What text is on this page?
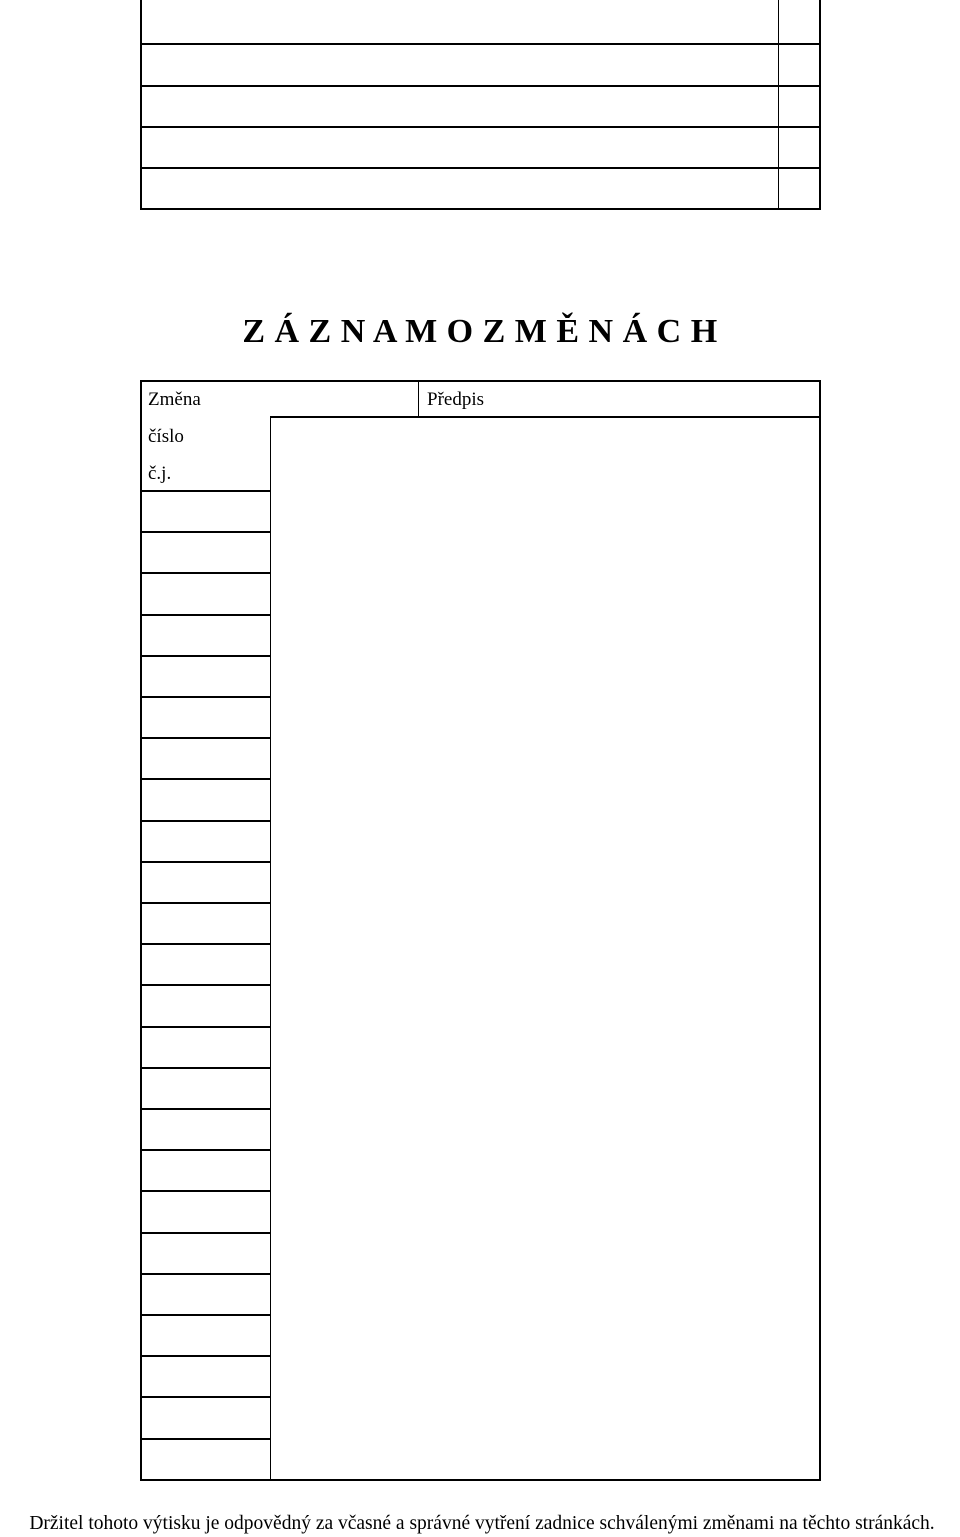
Z Á Z N A M O Z M Ě N Á C H
Změna	Předpis
číslo
č.j.
Držitel tohoto výtisku je odpovědný za včasné a správné vytření zadnice schválenými změnami na těchto stránkách.
